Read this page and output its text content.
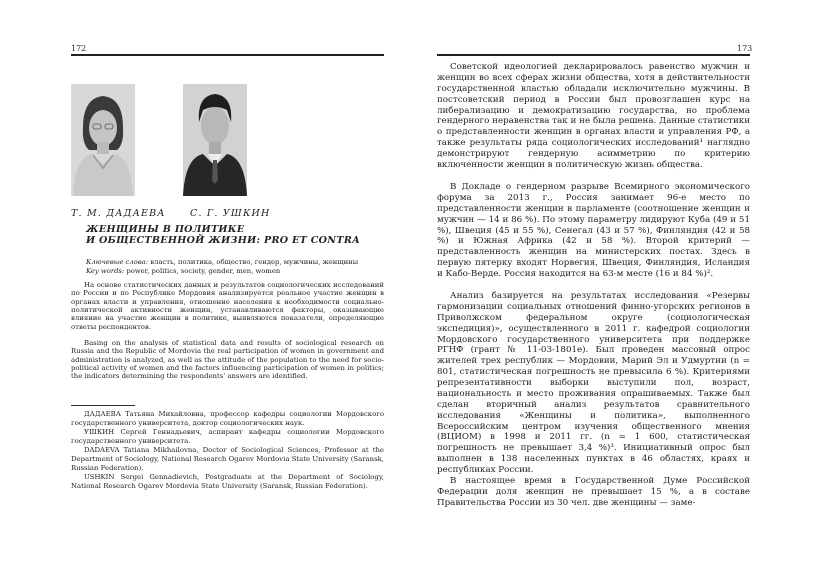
172
Т. М. ДАДАЕВА	С. Г. УШКИН
ЖЕНЩИНЫ В ПОЛИТИКЕ
И ОБЩЕСТВЕННОЙ ЖИЗНИ: PRO ET CONTRA
Ключевые слова: власть, политика, общество, гендер, мужчины, женщины
Key words: power, politics, society, gender, men, women

На основе статистических данных и результатов социологических исследований по России и по Республике Мордовия анализируется реальное участие женщин в органах власти и управления, отношение населения к необходимости социально-политической активности женщин, устанавливаются факторы, оказывающие влияние на участие женщин в политике, выявляются показатели, определяющие ответы респондентов.

Basing on the analysis of statistical data and results of sociological research on Russia and the Republic of Mordovia the real participation of women in government and administration is analyzed, as well as the attitude of the population to the need for socio-political activity of women and the factors influencing participation of women in politics; the indicators determining the respondents' answers are identified.

ДАДАЕВА Татьяна Михайловна, профессор кафедры социологии Мордовского государственного университета, доктор социологических наук.

УШКИН Сергей Геннадьевич, аспирант кафедры социологии Мордовского государственного университета.

DADAEVA Tatiana Mikhailovna, Doctor of Sociological Sciences, Professor at the Department of Sociology, National Research Ogarev Mordovia State University (Saransk, Russian Federation).

USHKIN Sergei Gennadievich, Postgraduate at the Department of Sociology, National Research Ogarev Mordovia State University (Saransk, Russian Federation).

173

Советской идеологией декларировалось равенство мужчин и женщин во всех сферах жизни общества, хотя в действительности государственной властью обладали исключительно мужчины. В постсоветский период в России был провозглашен курс на либерализацию и демократизацию государства, но проблема гендерного неравенства так и не была решена. Данные статистики о представленности женщин в органах власти и управления РФ, а также результаты ряда социологических исследований¹ наглядно демонстрируют гендерную асимметрию по критерию включенности женщин в политическую жизнь общества.

В Докладе о гендерном разрыве Всемирного экономического форума за 2013 г., Россия занимает 96-е место по представленности женщин в парламенте (соотношение женщин и мужчин — 14 и 86 %). По этому параметру лидируют Куба (49 и 51 %), Швеция (45 и 55 %), Сенегал (43 и 57 %), Финляндия (42 и 58 %) и Южная Африка (42 и 58 %). Второй критерий — представленность женщин на министерских постах. Здесь в первую пятерку входят Норвегия, Швеция, Финляндия, Исландия и Кабо-Верде. Россия находится на 63-м месте (16 и 84 %)².

Анализ базируется на результатах исследования «Резервы гармонизации социальных отношений финно-угорских регионов в Приволжском федеральном округе (социологическая экспедиция)», осуществленного в 2011 г. кафедрой социологии Мордовского государственного университета при поддержке РГНФ (грант № 11-03-1801е). Был проведен массовый опрос жителей трех республик — Мордовии, Марий Эл и Удмуртии (n = 801, статистическая погрешность не превысила 6 %). Критериями репрезентативности выборки выступили пол, возраст, национальность и место проживания опрашиваемых. Также был сделан вторичный анализ результатов сравнительного исследования «Женщины и политика», выполненного Всероссийским центром изучения общественного мнения (ВЦИОМ) в 1998 и 2011 гг. (n = 1 600, статистическая погрешность не превышает 3,4 %)³. Инициативный опрос был выполнен в 138 населенных пунктах в 46 областях, краях и республиках России.

В настоящее время в Государственной Думе Российской Федерации доля женщин не превышает 15 %, а в составе Правительства России из 30 чел. две женщины — заме-
